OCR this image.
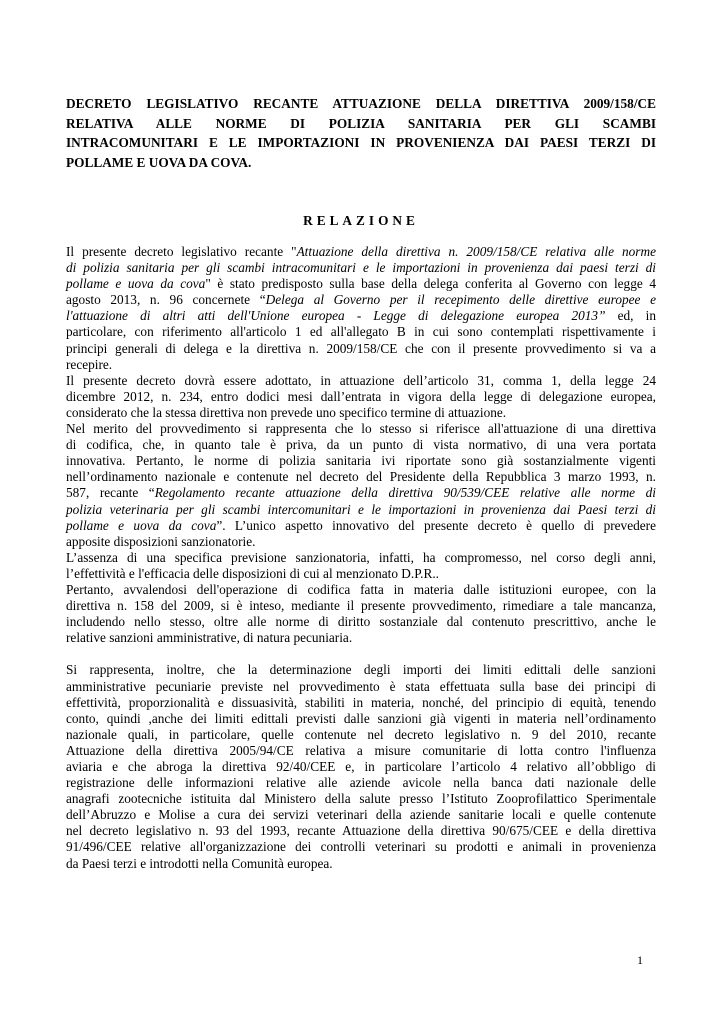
DECRETO LEGISLATIVO RECANTE ATTUAZIONE DELLA DIRETTIVA 2009/158/CE
RELATIVA ALLE NORME DI POLIZIA SANITARIA PER GLI SCAMBI
INTRACOMUNITARI E LE IMPORTAZIONI IN PROVENIENZA DAI PAESI TERZI DI
POLLAME E UOVA DA COVA.
RELAZIONE
Il presente decreto legislativo recante "Attuazione della direttiva n. 2009/158/CE relativa alle norme
di polizia sanitaria per gli scambi intracomunitari e le importazioni in provenienza dai paesi terzi di
pollame e uova da cova" è stato predisposto sulla base della delega conferita al Governo con legge 4
agosto 2013, n. 96 concernete “Delega al Governo per il recepimento delle direttive europee e
l'attuazione di altri atti dell'Unione europea - Legge di delegazione europea 2013” ed, in
particolare, con riferimento all'articolo 1 ed all'allegato B in cui sono contemplati rispettivamente i
principi generali di delega e la direttiva n. 2009/158/CE che con il presente provvedimento si va a
recepire.
Il presente decreto dovrà essere adottato, in attuazione dell’articolo 31, comma 1, della legge 24
dicembre 2012, n. 234, entro dodici mesi dall’entrata in vigora della legge di delegazione europea,
considerato che la stessa direttiva non prevede uno specifico termine di attuazione.
Nel merito del provvedimento si rappresenta che lo stesso si riferisce all'attuazione di una direttiva
di codifica, che, in quanto tale è priva, da un punto di vista normativo, di una vera portata
innovativa. Pertanto, le norme di polizia sanitaria ivi riportate sono già sostanzialmente vigenti
nell’ordinamento nazionale e contenute nel decreto del Presidente della Repubblica 3 marzo 1993, n.
587, recante “Regolamento recante attuazione della direttiva 90/539/CEE relative alle norme di
polizia veterinaria per gli scambi intercomunitari e le importazioni in provenienza dai Paesi terzi di
pollame e uova da cova”. L’unico aspetto innovativo del presente decreto è quello di prevedere
apposite disposizioni sanzionatorie.
L’assenza di una specifica previsione sanzionatoria, infatti, ha compromesso, nel corso degli anni,
l’effettività e l'efficacia delle disposizioni di cui al menzionato D.P.R..
Pertanto, avvalendosi dell'operazione di codifica fatta in materia dalle istituzioni europee, con la
direttiva n. 158 del 2009, si è inteso, mediante il presente provvedimento, rimediare a tale mancanza,
includendo nello stesso, oltre alle norme di diritto sostanziale dal contenuto prescrittivo, anche le
relative sanzioni amministrative, di natura pecuniaria.
Si rappresenta, inoltre, che la determinazione degli importi dei limiti edittali delle sanzioni
amministrative pecuniarie previste nel provvedimento è stata effettuata sulla base dei principi di
effettività, proporzionalità e dissuasività, stabiliti in materia, nonché, del principio di equità, tenendo
conto, quindi ,anche dei limiti edittali previsti dalle sanzioni già vigenti in materia nell’ordinamento
nazionale quali, in particolare, quelle contenute nel decreto legislativo n. 9 del 2010, recante
Attuazione della direttiva 2005/94/CE relativa a misure comunitarie di lotta contro l'influenza
aviaria e che abroga la direttiva 92/40/CEE e, in particolare l’articolo 4 relativo all’obbligo di
registrazione delle informazioni relative alle aziende avicole nella banca dati nazionale delle
anagrafi zootecniche istituita dal Ministero della salute presso l’Istituto Zooprofilattico Sperimentale
dell’Abruzzo e Molise a cura dei servizi veterinari della aziende sanitarie locali e quelle contenute
nel decreto legislativo n. 93 del 1993, recante Attuazione della direttiva 90/675/CEE e della direttiva
91/496/CEE relative all'organizzazione dei controlli veterinari su prodotti e animali in provenienza
da Paesi terzi e introdotti nella Comunità europea.
1
